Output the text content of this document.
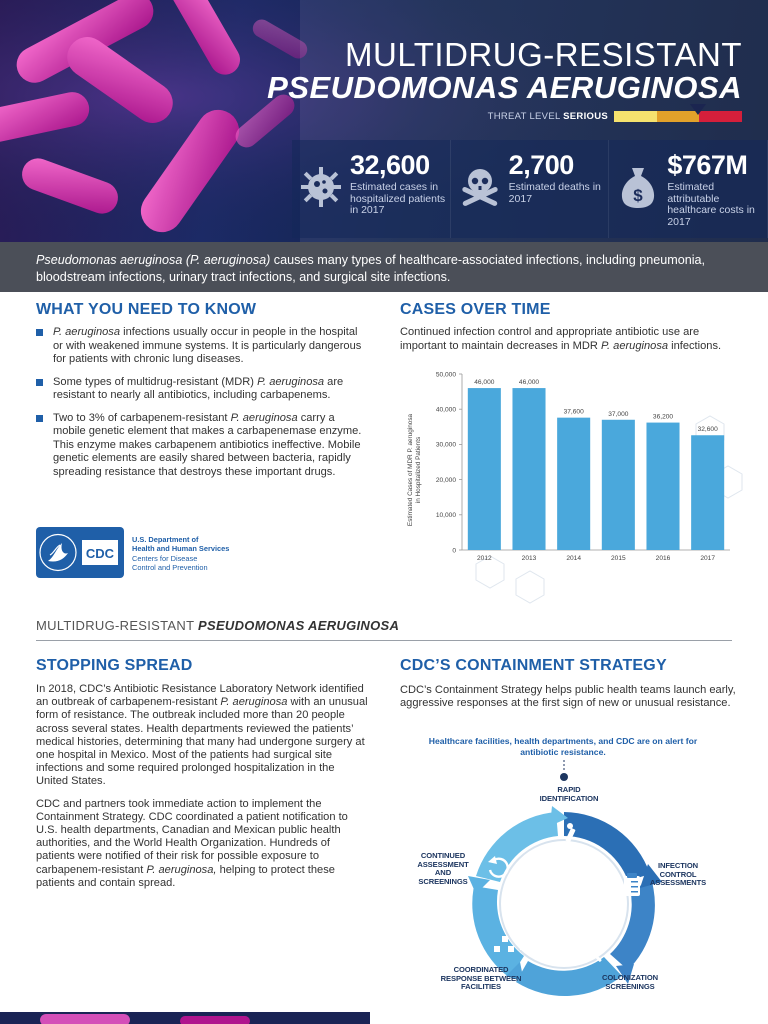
MULTIDRUG-RESISTANT
PSEUDOMONAS AERUGINOSA
THREAT LEVEL SERIOUS
32,600
Estimated cases in hospitalized patients in 2017
2,700
Estimated deaths in 2017	$
$767M
Estimated attributable healthcare costs in 2017

Pseudomonas aeruginosa (P. aeruginosa) causes many types of healthcare-associated infections, including pneumonia, bloodstream infections, urinary tract infections, and surgical site infections.

WHAT YOU NEED TO KNOW
P. aeruginosa infections usually occur in people in the hospital or with weakened immune systems. It is particularly dangerous for patients with chronic lung diseases.
Some types of multidrug-resistant (MDR) P. aeruginosa are resistant to nearly all antibiotics, including carbapenems.
Two to 3% of carbapenem-resistant P. aeruginosa carry a mobile genetic element that makes a carbapenemase enzyme. This enzyme makes carbapenem antibiotics ineffective. Mobile genetic elements are easily shared between bacteria, rapidly spreading resistance that destroys these important drugs.
CDC
U.S. Department of
Health and Human Services
Centers for Disease
Control and Prevention
CASES OVER TIME
Continued infection control and appropriate antibiotic use are important to maintain decreases in MDR P. aeruginosa infections.
Estimated Cases of MDR P. aeruginosa in Hospitalized Patients
0
10,000
20,000
30,000
40,000
50,000
46,000
2012
46,000
2013
37,600
2014
37,000
2015
36,200
2016
32,600
2017
MULTIDRUG-RESISTANT PSEUDOMONAS AERUGINOSA
STOPPING SPREAD

In 2018, CDC’s Antibiotic Resistance Laboratory Network identified an outbreak of carbapenem-resistant P. aeruginosa with an unusual form of resistance. The outbreak included more than 20 people across several states. Health departments reviewed the patients’ medical histories, determining that many had undergone surgery at one hospital in Mexico. Most of the patients had surgical site infections and some required prolonged hospitalization in the United States.

CDC and partners took immediate action to implement the Containment Strategy. CDC coordinated a patient notification to U.S. health departments, Canadian and Mexican public health authorities, and the World Health Organization. Hundreds of patients were notified of their risk for possible exposure to carbapenem-resistant P. aeruginosa, helping to protect these patients and contain spread.

CDC’S CONTAINMENT STRATEGY
CDC’s Containment Strategy helps public health teams launch early, aggressive responses at the first sign of new or unusual resistance.
Healthcare facilities, health departments, and CDC are on alert for antibiotic resistance.
RAPID IDENTIFICATION
INFECTION CONTROL ASSESSMENTS
COLONIZATION SCREENINGS
COORDINATED RESPONSE BETWEEN FACILITIES
CONTINUED ASSESSMENT AND SCREENINGS
